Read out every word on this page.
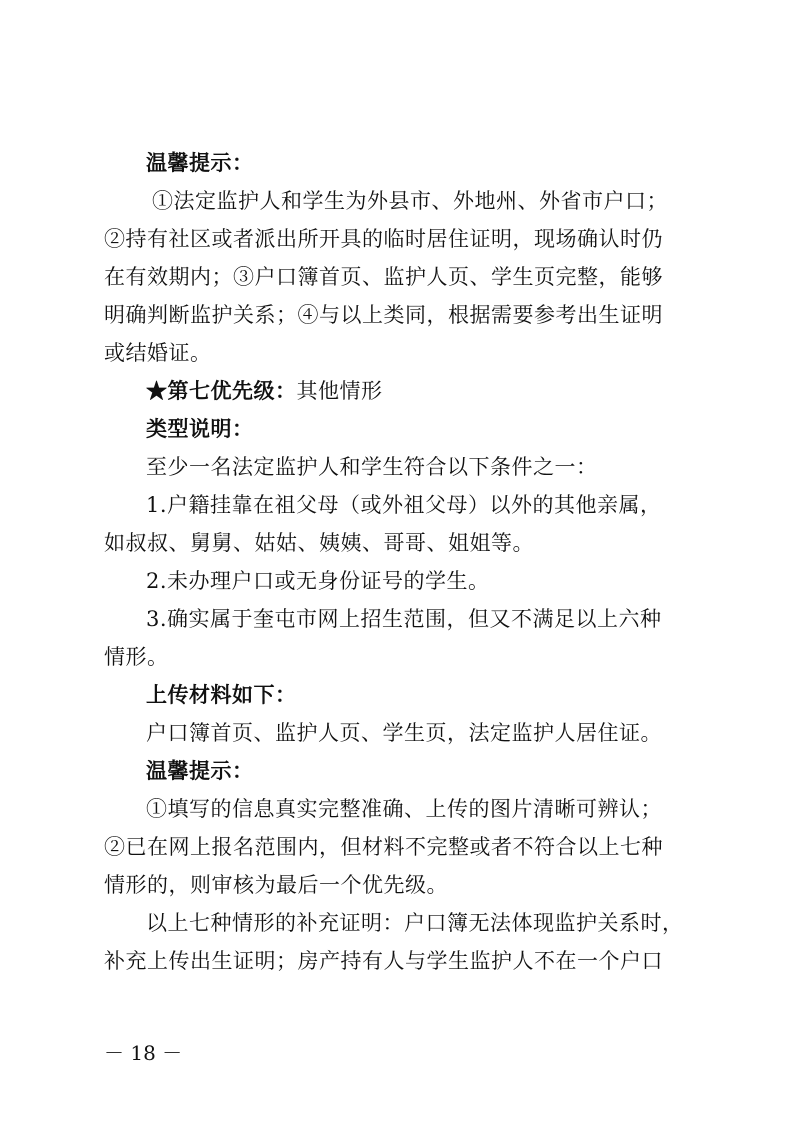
温馨提示：
①法定监护人和学生为外县市、外地州、外省市户口；
②持有社区或者派出所开具的临时居住证明，现场确认时仍
在有效期内；③户口簿首页、监护人页、学生页完整，能够
明确判断监护关系；④与以上类同，根据需要参考出生证明
或结婚证。
★第七优先级：其他情形
类型说明：
至少一名法定监护人和学生符合以下条件之一：
1.户籍挂靠在祖父母（或外祖父母）以外的其他亲属，
如叔叔、舅舅、姑姑、姨姨、哥哥、姐姐等。
2.未办理户口或无身份证号的学生。
3.确实属于奎屯市网上招生范围，但又不满足以上六种
情形。
上传材料如下：
户口簿首页、监护人页、学生页，法定监护人居住证。
温馨提示：
①填写的信息真实完整准确、上传的图片清晰可辨认；
②已在网上报名范围内，但材料不完整或者不符合以上七种
情形的，则审核为最后一个优先级。
以上七种情形的补充证明：户口簿无法体现监护关系时，
补充上传出生证明；房产持有人与学生监护人不在一个户口
－ 18 －
